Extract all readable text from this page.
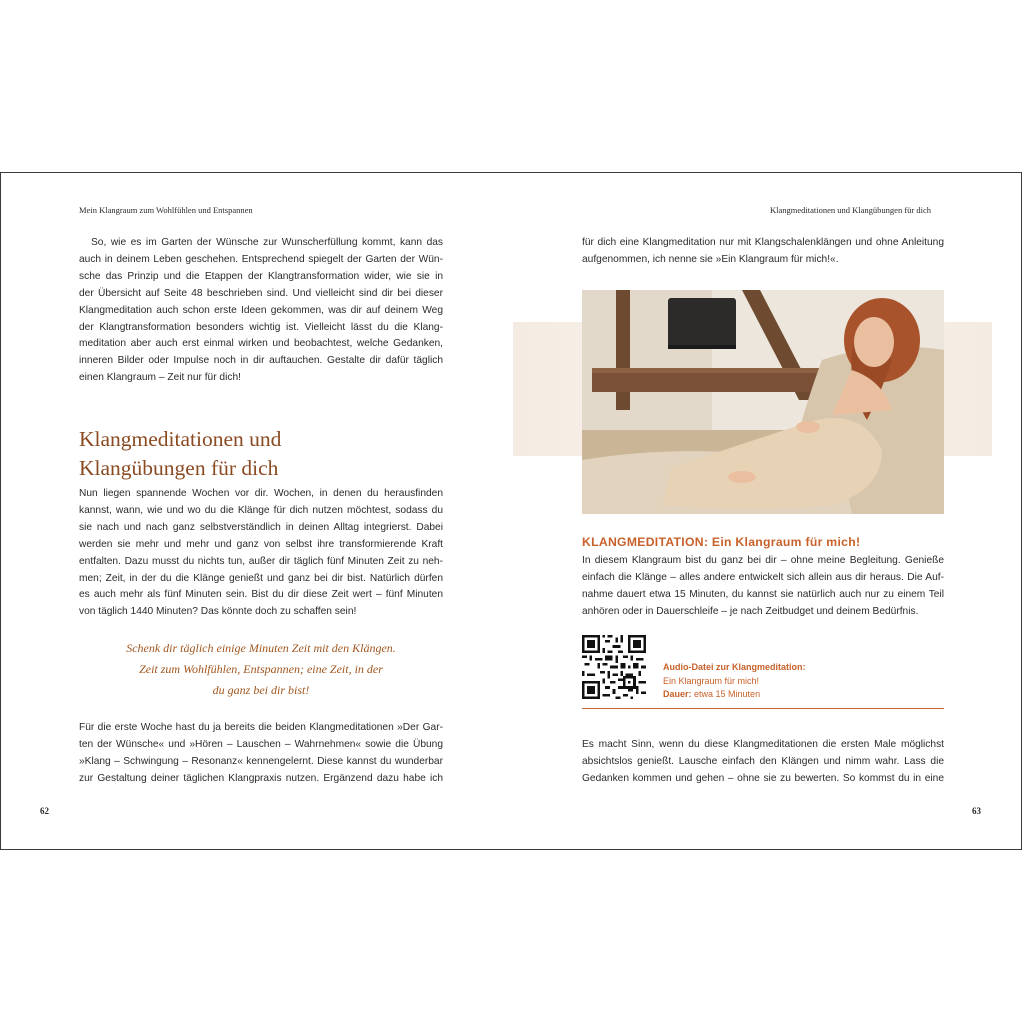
Mein Klangraum zum Wohlfühlen und Entspannen
So, wie es im Garten der Wünsche zur Wunscherfüllung kommt, kann das
auch in deinem Leben geschehen. Entsprechend spiegelt der Garten der Wün-
sche das Prinzip und die Etappen der Klangtransformation wider, wie sie in
der Übersicht auf Seite 48 beschrieben sind. Und vielleicht sind dir bei dieser
Klangmeditation auch schon erste Ideen gekommen, was dir auf deinem Weg
der Klangtransformation besonders wichtig ist. Vielleicht lässt du die Klang-
meditation aber auch erst einmal wirken und beobachtest, welche Gedanken,
inneren Bilder oder Impulse noch in dir auftauchen. Gestalte dir dafür täglich
einen Klangraum – Zeit nur für dich!
Klangmeditationen und
Klangübungen für dich
Nun liegen spannende Wochen vor dir. Wochen, in denen du herausfinden
kannst, wann, wie und wo du die Klänge für dich nutzen möchtest, sodass du
sie nach und nach ganz selbstverständlich in deinen Alltag integrierst. Dabei
werden sie mehr und mehr und ganz von selbst ihre transformierende Kraft
entfalten. Dazu musst du nichts tun, außer dir täglich fünf Minuten Zeit zu neh-
men; Zeit, in der du die Klänge genießt und ganz bei dir bist. Natürlich dürfen
es auch mehr als fünf Minuten sein. Bist du dir diese Zeit wert – fünf Minuten
von täglich 1440 Minuten? Das könnte doch zu schaffen sein!
Schenk dir täglich einige Minuten Zeit mit den Klängen.
Zeit zum Wohlfühlen, Entspannen; eine Zeit, in der
du ganz bei dir bist!
Für die erste Woche hast du ja bereits die beiden Klangmeditationen »Der Gar-
ten der Wünsche« und »Hören – Lauschen – Wahrnehmen« sowie die Übung
»Klang – Schwingung – Resonanz« kennengelernt. Diese kannst du wunderbar
zur Gestaltung deiner täglichen Klangpraxis nutzen. Ergänzend dazu habe ich
62
Klangmeditationen und Klangübungen für dich
für dich eine Klangmeditation nur mit Klangschalenklängen und ohne Anleitung
aufgenommen, ich nenne sie »Ein Klangraum für mich!«.
KLANGMEDITATION: Ein Klangraum für mich!
In diesem Klangraum bist du ganz bei dir – ohne meine Begleitung. Genieße
einfach die Klänge – alles andere entwickelt sich allein aus dir heraus. Die Auf-
nahme dauert etwa 15 Minuten, du kannst sie natürlich auch nur zu einem Teil
anhören oder in Dauerschleife – je nach Zeitbudget und deinem Bedürfnis.
Audio-Datei zur Klangmeditation:
Ein Klangraum für mich!
Dauer: etwa 15 Minuten
Es macht Sinn, wenn du diese Klangmeditationen die ersten Male möglichst
absichtslos genießt. Lausche einfach den Klängen und nimm wahr. Lass die
Gedanken kommen und gehen – ohne sie zu bewerten. So kommst du in eine
63
